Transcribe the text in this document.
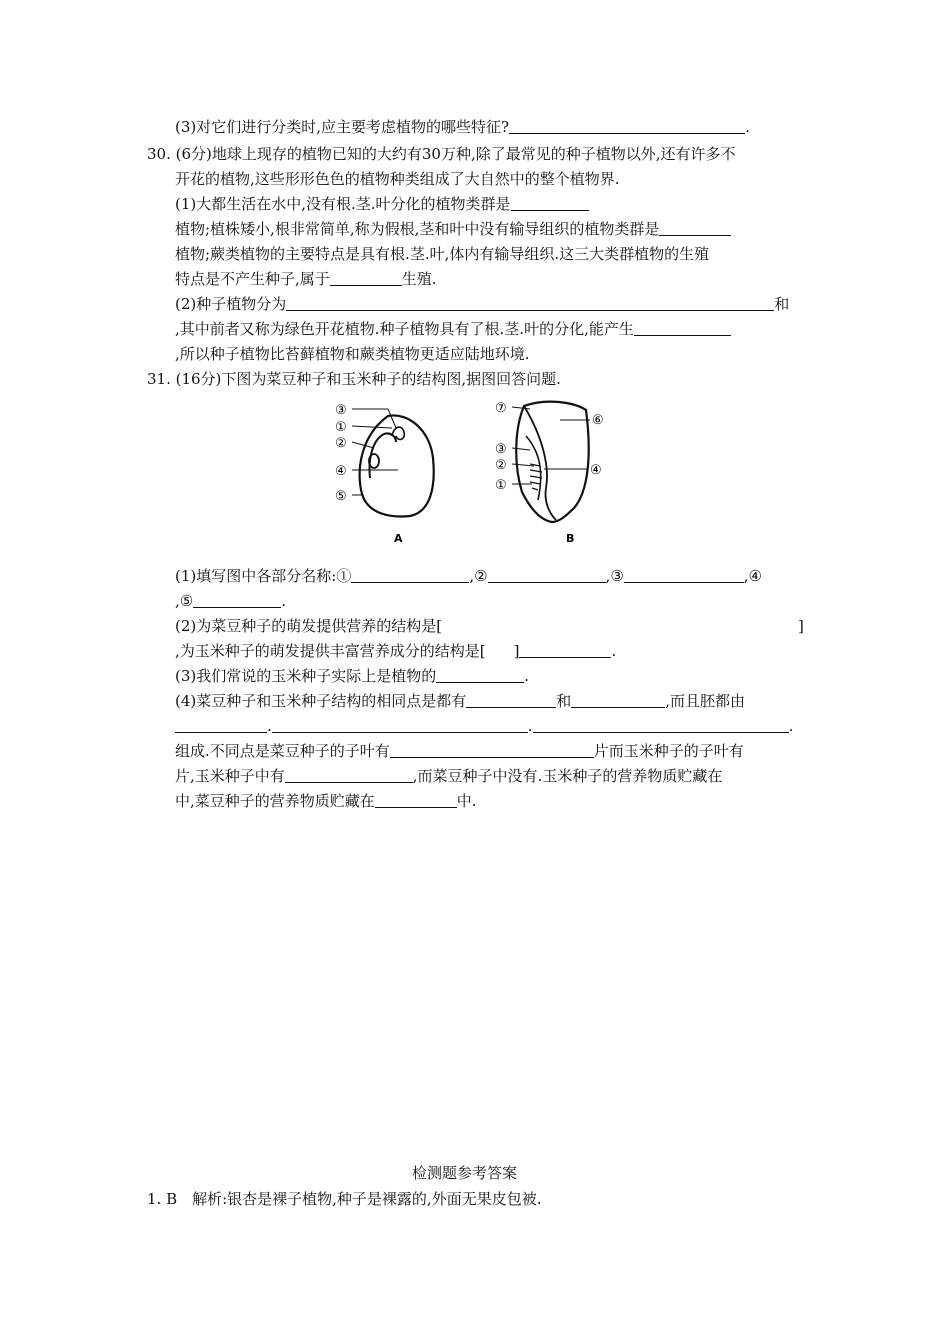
(3)对它们进行分类时,应主要考虑植物的哪些特征?	.
30. (6分)地球上现存的植物已知的大约有30万种,除了最常见的种子植物以外,还有许多不
开花的植物,这些形形色色的植物种类组成了大自然中的整个植物界.
(1)大都生活在水中,没有根.茎.叶分化的植物类群是
植物;植株矮小,根非常简单,称为假根,茎和叶中没有输导组织的植物类群是
植物;蕨类植物的主要特点是具有根.茎.叶,体内有输导组织.这三大类群植物的生殖
特点是不产生种子,属于	生殖.
(2)种子植物分为	和
,其中前者又称为绿色开花植物.种子植物具有了根.茎.叶的分化,能产生
,所以种子植物比苔藓植物和蕨类植物更适应陆地环境.
31. (16分)下图为菜豆种子和玉米种子的结构图,据图回答问题.
③
①
②
④
⑤
A
⑦
⑥
③
②	④
①
B
(1)填写图中各部分名称:①	,②	,③	,④
,⑤	.
(2)为菜豆种子的萌发提供营养的结构是[	]
,为玉米种子的萌发提供丰富营养成分的结构是[ ]	.
(3)我们常说的玉米种子实际上是植物的	.
(4)菜豆种子和玉米种子结构的相同点是都有	和	,而且胚都由
.	.	.
组成.不同点是菜豆种子的子叶有	片而玉米种子的子叶有
片,玉米种子中有	,而菜豆种子中没有.玉米种子的营养物质贮藏在
中,菜豆种子的营养物质贮藏在	中.
检测题参考答案
1. B　解析:银杏是裸子植物,种子是裸露的,外面无果皮包被.
